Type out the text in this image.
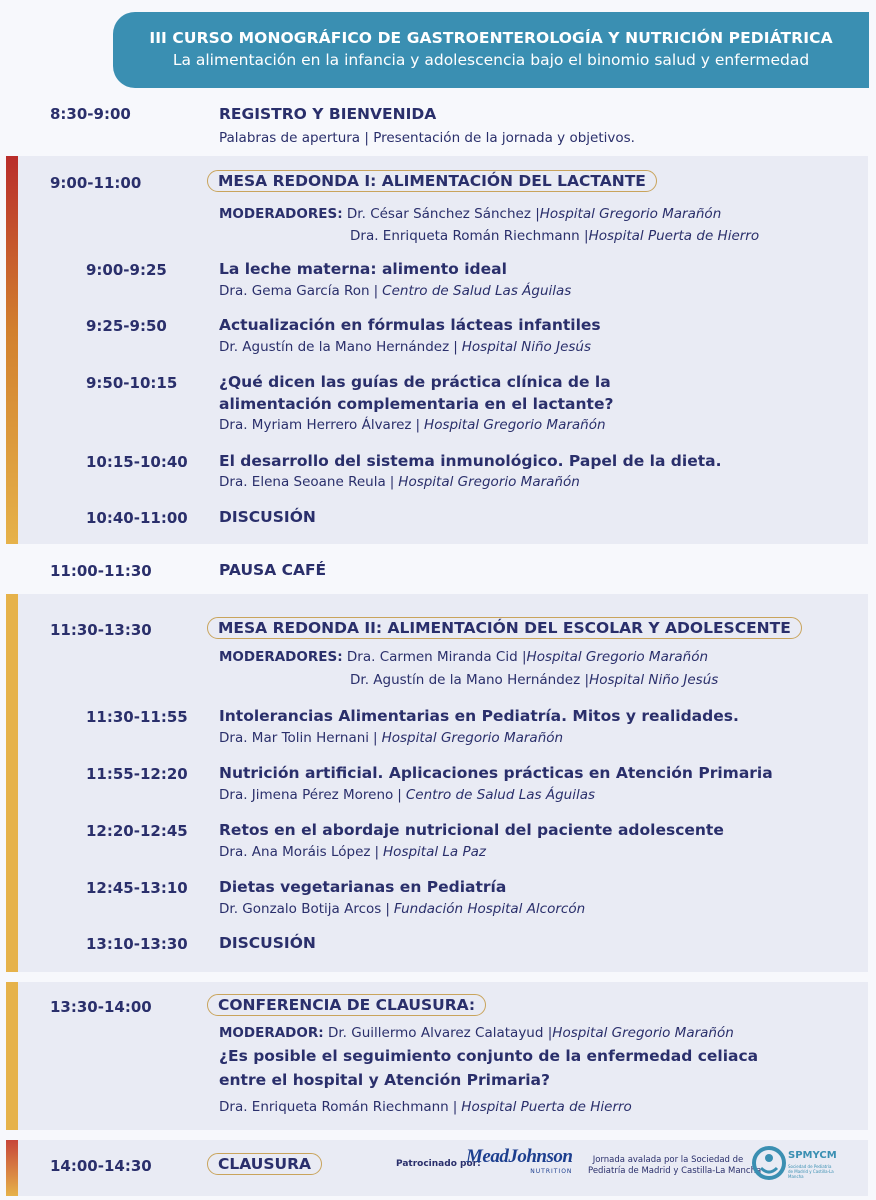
III CURSO MONOGRÁFICO DE GASTROENTEROLOGÍA Y NUTRICIÓN PEDIÁTRICA
La alimentación en la infancia y adolescencia bajo el binomio salud y enfermedad
8:30-9:00	REGISTRO Y BIENVENIDA
Palabras de apertura | Presentación de la jornada y objetivos.
9:00-11:00	MESA REDONDA I: ALIMENTACIÓN DEL LACTANTE
MODERADORES: Dr. César Sánchez Sánchez |Hospital Gregorio Marañón
Dra. Enriqueta Román Riechmann |Hospital Puerta de Hierro
9:00-9:25	La leche materna: alimento ideal
Dra. Gema García Ron | Centro de Salud Las Águilas
9:25-9:50	Actualización en fórmulas lácteas infantiles
Dr. Agustín de la Mano Hernández | Hospital Niño Jesús
9:50-10:15	¿Qué dicen las guías de práctica clínica de la
alimentación complementaria en el lactante?
Dra. Myriam Herrero Álvarez | Hospital Gregorio Marañón
10:15-10:40 El desarrollo del sistema inmunológico. Papel de la dieta.
Dra. Elena Seoane Reula | Hospital Gregorio Marañón
10:40-11:00 DISCUSIÓN
11:00-11:30	PAUSA CAFÉ
11:30-13:30	MESA REDONDA II: ALIMENTACIÓN DEL ESCOLAR Y ADOLESCENTE
MODERADORES: Dra. Carmen Miranda Cid |Hospital Gregorio Marañón
Dr. Agustín de la Mano Hernández |Hospital Niño Jesús
11:30-11:55 Intolerancias Alimentarias en Pediatría. Mitos y realidades.
Dra. Mar Tolin Hernani | Hospital Gregorio Marañón
11:55-12:20 Nutrición artificial. Aplicaciones prácticas en Atención Primaria
Dra. Jimena Pérez Moreno | Centro de Salud Las Águilas
12:20-12:45 Retos en el abordaje nutricional del paciente adolescente
Dra. Ana Moráis López | Hospital La Paz
12:45-13:10 Dietas vegetarianas en Pediatría
Dr. Gonzalo Botija Arcos | Fundación Hospital Alcorcón
13:10-13:30 DISCUSIÓN
13:30-14:00	CONFERENCIA DE CLAUSURA:
MODERADOR: Dr. Guillermo Alvarez Calatayud |Hospital Gregorio Marañón
¿Es posible el seguimiento conjunto de la enfermedad celiaca
entre el hospital y Atención Primaria?
Dra. Enriqueta Román Riechmann | Hospital Puerta de Hierro
14:00-14:30	CLAUSURA	Patrocinado por:
MeadJohnson
NUTRITION
Jornada avalada por la Sociedad de
Pediatría de Madrid y Castilla-La Mancha
SPMYCM
Sociedad de Pediatría de Madrid y Castilla-La Mancha
